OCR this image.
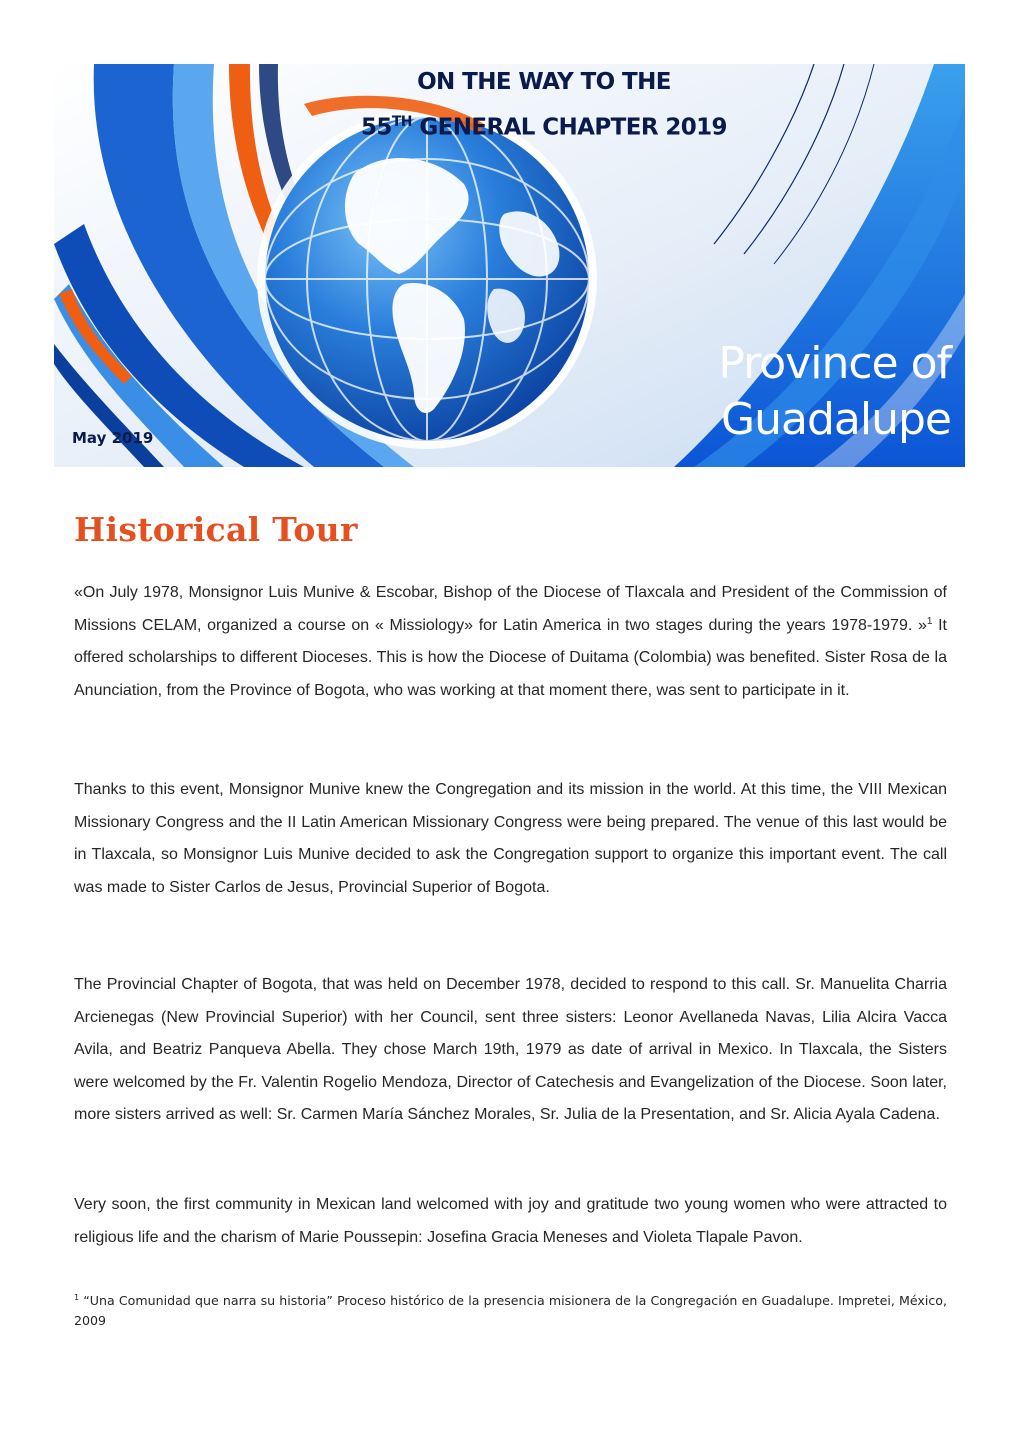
ON THE WAY TO THE
55TH GENERAL CHAPTER 2019
May 2019
Province of
Guadalupe
Historical Tour

«On July 1978, Monsignor Luis Munive & Escobar, Bishop of the Diocese of Tlaxcala and President of the Commission of Missions CELAM, organized a course on « Missiology» for Latin America in two stages during the years 1978-1979. »$^1$ It offered scholarships to different Dioceses. This is how the Diocese of Duitama (Colombia) was benefited. Sister Rosa de la Anunciation, from the Province of Bogota, who was working at that moment there, was sent to participate in it.

Thanks to this event, Monsignor Munive knew the Congregation and its mission in the world. At this time, the VIII Mexican Missionary Congress and the II Latin American Missionary Congress were being prepared. The venue of this last would be in Tlaxcala, so Monsignor Luis Munive decided to ask the Congregation support to organize this important event. The call was made to Sister Carlos de Jesus, Provincial Superior of Bogota.

The Provincial Chapter of Bogota, that was held on December 1978, decided to respond to this call. Sr. Manuelita Charria Arcienegas (New Provincial Superior) with her Council, sent three sisters: Leonor Avellaneda Navas, Lilia Alcira Vacca Avila, and Beatriz Panqueva Abella. They chose March 19th, 1979 as date of arrival in Mexico. In Tlaxcala, the Sisters were welcomed by the Fr. Valentin Rogelio Mendoza, Director of Catechesis and Evangelization of the Diocese. Soon later, more sisters arrived as well: Sr. Carmen María Sánchez Morales, Sr. Julia de la Presentation, and Sr. Alicia Ayala Cadena.

Very soon, the first community in Mexican land welcomed with joy and gratitude two young women who were attracted to religious life and the charism of Marie Poussepin: Josefina Gracia Meneses and Violeta Tlapale Pavon.

$^1$ “Una Comunidad que narra su historia” Proceso histórico de la presencia misionera de la Congregación en Guadalupe. Impretei, México, 2009
